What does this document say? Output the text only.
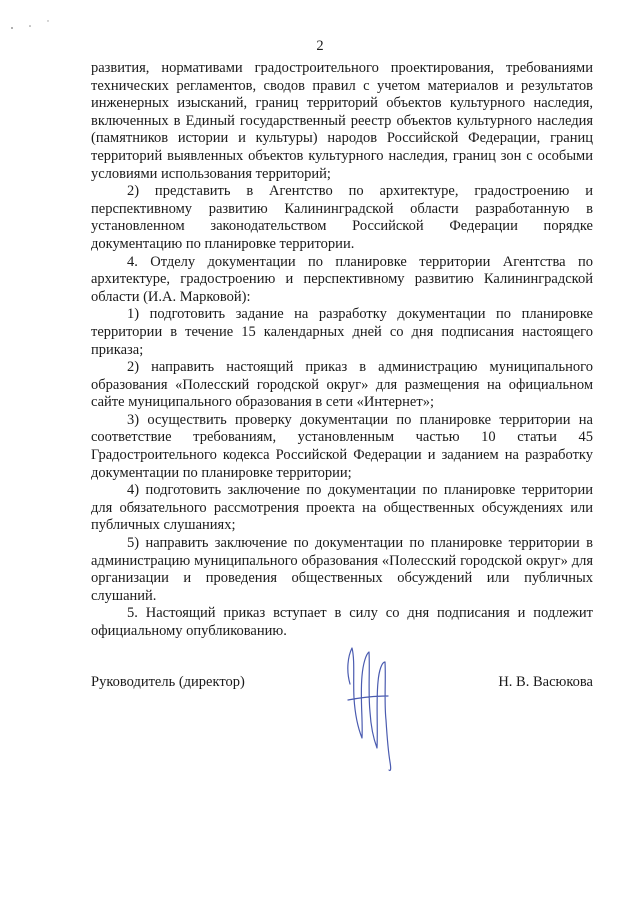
2

развития, нормативами градостроительного проектирования, требованиями технических регламентов, сводов правил с учетом материалов и результатов инженерных изысканий, границ территорий объектов культурного наследия, включенных в Единый государственный реестр объектов культурного наследия (памятников истории и культуры) народов Российской Федерации, границ территорий выявленных объектов культурного наследия, границ зон с особыми условиями использования территорий;

2) представить в Агентство по архитектуре, градостроению и перспективному развитию Калининградской области разработанную в установленном законодательством Российской Федерации порядке документацию по планировке территории.

4. Отделу документации по планировке территории Агентства по архитектуре, градостроению и перспективному развитию Калининградской области (И.А. Марковой):

1) подготовить задание на разработку документации по планировке территории в течение 15 календарных дней со дня подписания настоящего приказа;

2) направить настоящий приказ в администрацию муниципального образования «Полесский городской округ» для размещения на официальном сайте муниципального образования в сети «Интернет»;

3) осуществить проверку документации по планировке территории на соответствие требованиям, установленным частью 10 статьи 45 Градостроительного кодекса Российской Федерации и заданием на разработку документации по планировке территории;

4) подготовить заключение по документации по планировке территории для обязательного рассмотрения проекта на общественных обсуждениях или публичных слушаниях;

5) направить заключение по документации по планировке территории в администрацию муниципального образования «Полесский городской округ» для организации и проведения общественных обсуждений или публичных слушаний.

5. Настоящий приказ вступает в силу со дня подписания и подлежит официальному опубликованию.

Руководитель (директор)	Н. В. Васюкова
